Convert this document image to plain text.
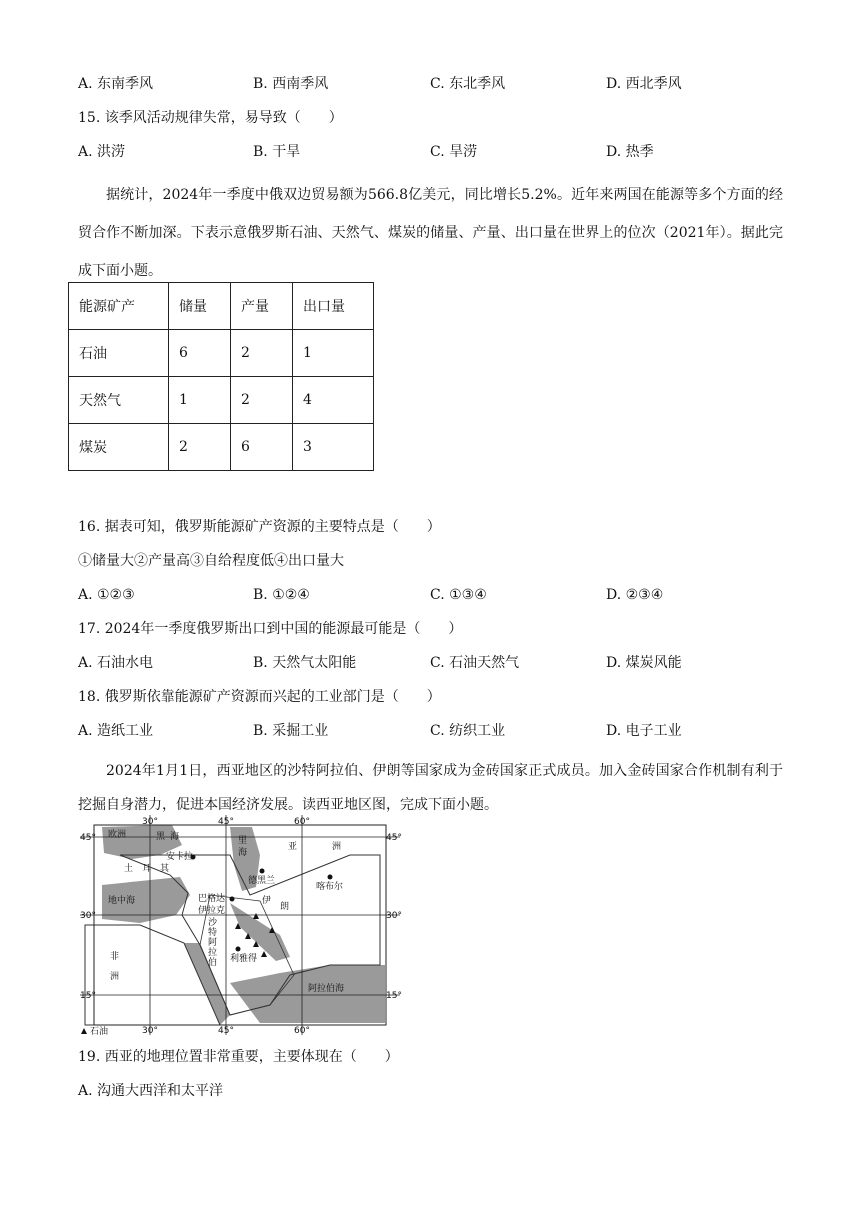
A. 东南季风	B. 西南季风	C. 东北季风	D. 西北季风
15. 该季风活动规律失常，易导致（　　）
A. 洪涝	B. 干旱	C. 旱涝	D. 热季
据统计，2024年一季度中俄双边贸易额为566.8亿美元，同比增长5.2%。近年来两国在能源等多个方面的经贸合作不断加深。下表示意俄罗斯石油、天然气、煤炭的储量、产量、出口量在世界上的位次（2021年）。据此完成下面小题。
能源矿产	储量	产量	出口量
石油	6	2	1
天然气	1	2	4
煤炭	2	6	3
16. 据表可知，俄罗斯能源矿产资源的主要特点是（　　）
①储量大②产量高③自给程度低④出口量大
A. ①②③	B. ①②④	C. ①③④	D. ②③④
17. 2024年一季度俄罗斯出口到中国的能源最可能是（　　）
A. 石油水电	B. 天然气太阳能	C. 石油天然气	D. 煤炭风能
18. 俄罗斯依靠能源矿产资源而兴起的工业部门是（　　）
A. 造纸工业	B. 采掘工业	C. 纺织工业	D. 电子工业
2024年1月1日，西亚地区的沙特阿拉伯、伊朗等国家成为金砖国家正式成员。加入金砖国家合作机制有利于挖掘自身潜力，促进本国经济发展。读西亚地区图，完成下面小题。
30°	45°	60°
30°	45°	60°
45°
30°
15°
45°
30°
15°
欧洲	黑 海
安卡拉
土 耳 其
里
海
亚	洲
德黑兰
伊
朗
喀布尔
地中海	巴格达
伊拉克
沙
特
阿
拉
伯 利雅得
非
洲
阿拉伯海
石油
19. 西亚的地理位置非常重要，主要体现在（　　）
A. 沟通大西洋和太平洋
